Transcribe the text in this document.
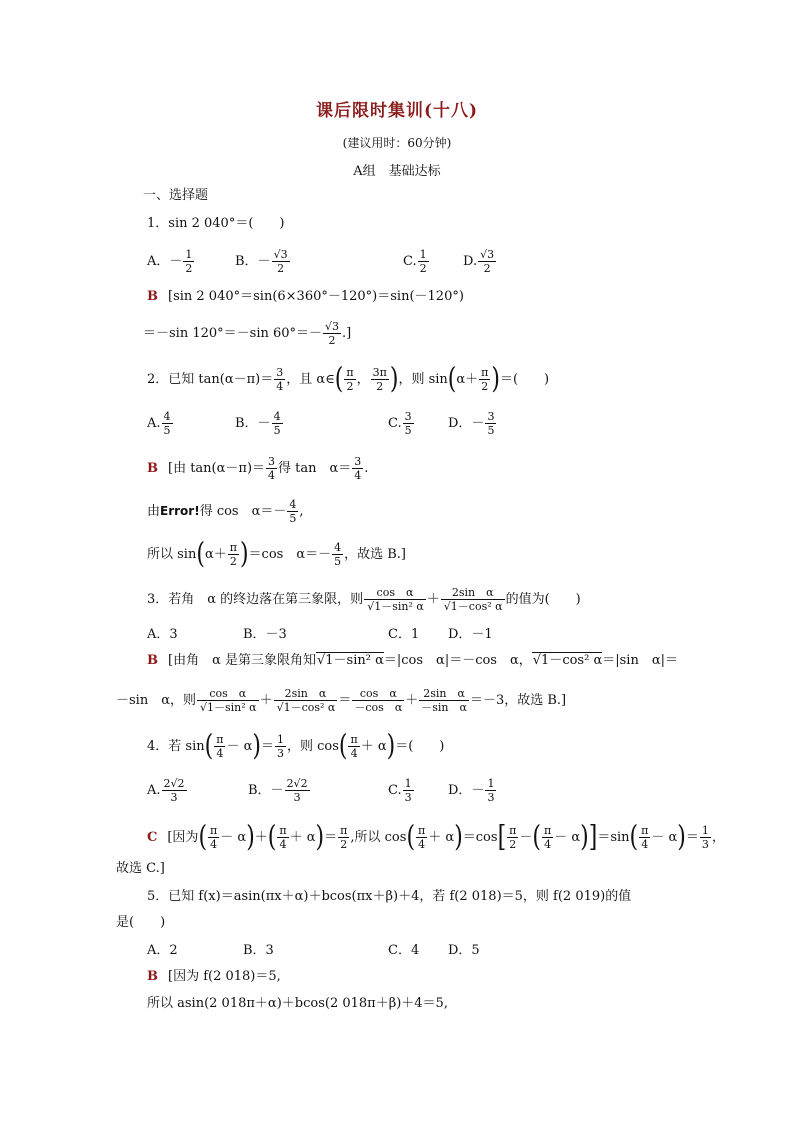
课后限时集训(十八)
(建议用时：60分钟)
A组　基础达标
一、选择题
1．sin 2 040°＝(　　)
A．－ $\frac{1}{2}$	B．－ $\frac{√3}{2}$	C. $\frac{1}{2}$	D. $\frac{√3}{2}$
B [sin 2 040°＝sin(6×360°－120°)＝sin(－120°)
＝－sin 120°＝－sin $60^\circ=- \frac{√3}{2}$ .]
2．已知 $\tan(\alpha-\pi)= \frac{3}{4}$ ，且 α∈( $\frac{\pi}{2}$ ， $\frac{3\pi}{2}$ )，则 $\sin(\alpha+ \frac{\pi}{2}$ )＝(　　)
A. $\frac{4}{5}$	B．－ $\frac{4}{5}$	C. $\frac{3}{5}$	D．－ $\frac{3}{5}$
B [由 $\tan(\alpha-\pi)= \frac{3}{4}$ 得 tan　$\alpha= \frac{3}{4}$ .
由Error!得 cos　$\alpha=- \frac{4}{5}$ ,
所以 $\sin(\alpha+ \frac{\pi}{2} )=\cos$　$\alpha=- \frac{4}{5}$ ，故选 B.]
3．若角　α 的终边落在第三象限，则 $\frac{\text{cos　α}}{\text{√1－sin² α}} + \frac{\text{2sin　α}}{\text{√1－cos² α}}$ 的值为(　　)
A．3	B．－3	C．1 D．－1
B [由角　α 是第三象限角知√1－sin² α＝|cos　α|＝－cos　α，√1－cos² α＝|sin　α|＝
－sin　α，则 $\frac{\text{cos　α}}{\text{√1－sin² α}} + \frac{\text{2sin　α}}{\text{√1－cos² α}} = \frac{\text{cos　α}}{\text{－cos　α}} + \frac{\text{2sin　α}}{\text{－sin　α}} =-3$，故选 B.]
4．若 $\sin( \frac{\pi}{4} - \alpha)= \frac{1}{3}$ ，则 $\cos( \frac{\pi}{4} + \alpha)=$(　　)
A. $\frac{2√2}{3}$	B．－ $\frac{2√2}{3}$	C. $\frac{1}{3}$	D．－ $\frac{1}{3}$
C [因为( $\frac{\pi}{4} - \alpha)+( \frac{\pi}{4} + \alpha)= \frac{\pi}{2}$ ,所以 $\cos( \frac{\pi}{4} + \alpha)=\cos[ \frac{\pi}{2}$ －( $\frac{\pi}{4} - \alpha)]=\sin( \frac{\pi}{4} - \alpha)= \frac{1}{3}$ ，
故选 C.]
5．已知 f(x)＝asin(πx＋α)＋bcos(πx＋β)＋4，若 f(2 018)＝5，则 f(2 019)的值
是(　　)
A．2	B．3	C．4 D．5
B [因为 f(2 018)＝5,
所以 asin(2 018π＋α)＋bcos(2 018π＋β)＋4＝5,
